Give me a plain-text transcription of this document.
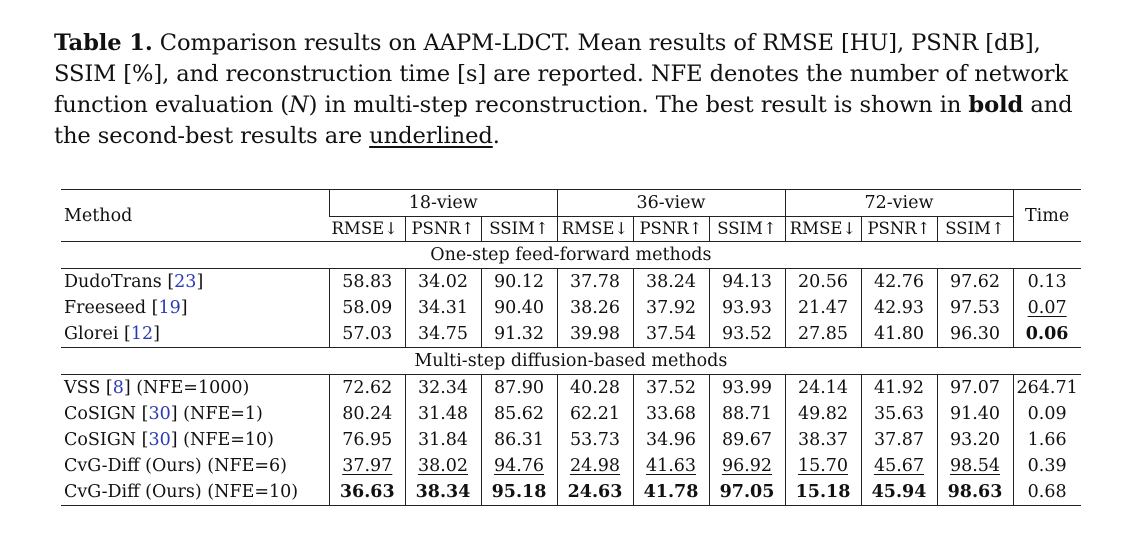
Table 1. Comparison results on AAPM-LDCT. Mean results of RMSE [HU], PSNR [dB], SSIM [%], and reconstruction time [s] are reported. NFE denotes the number of network function evaluation (N) in multi-step reconstruction. The best result is shown in bold and the second-best results are underlined.
Method	18-view			36-view			72-view			Time
	RMSE↓	PSNR↑	SSIM↑	RMSE↓	PSNR↑	SSIM↑	RMSE↓	PSNR↑	SSIM↑	
One-step feed-forward methods										
DudoTrans [23]	58.83	34.02	90.12	37.78	38.24	94.13	20.56	42.76	97.62	0.13
Freeseed [19]	58.09	34.31	90.40	38.26	37.92	93.93	21.47	42.93	97.53	0.07
Glorei [12]	57.03	34.75	91.32	39.98	37.54	93.52	27.85	41.80	96.30	0.06
Multi-step diffusion-based methods										
VSS [8] (NFE=1000)	72.62	32.34	87.90	40.28	37.52	93.99	24.14	41.92	97.07	264.71
CoSIGN [30] (NFE=1)	80.24	31.48	85.62	62.21	33.68	88.71	49.82	35.63	91.40	0.09
CoSIGN [30] (NFE=10)	76.95	31.84	86.31	53.73	34.96	89.67	38.37	37.87	93.20	1.66
CvG-Diff (Ours) (NFE=6)	37.97	38.02	94.76	24.98	41.63	96.92	15.70	45.67	98.54	0.39
CvG-Diff (Ours) (NFE=10)	36.63	38.34	95.18	24.63	41.78	97.05	15.18	45.94	98.63	0.68
